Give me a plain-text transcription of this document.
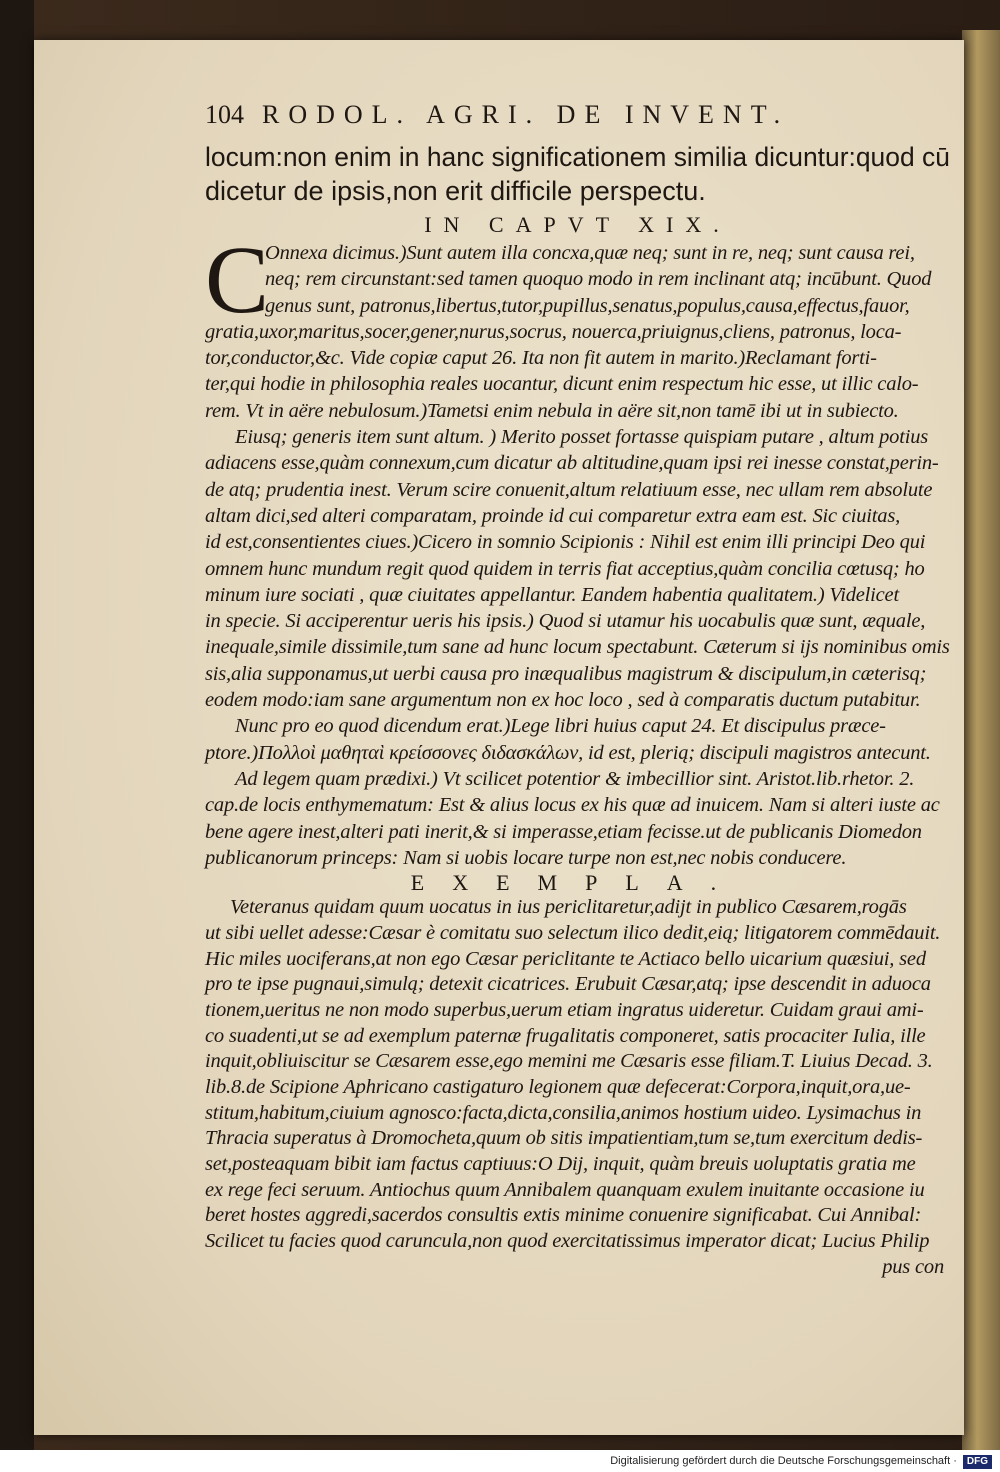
104 RODOL. AGRI. DE INVENT.
locum:non enim in hanc significationem similia dicuntur:quod cū
dicetur de ipsis,non erit difficile perspectu.
IN CAPVT XIX.
Onnexa dicimus.)Sunt autem illa concxa,quæ neq; sunt in re, neq; sunt causa rei,
neq; rem circunstant:sed tamen quoquo modo in rem inclinant atq; incūbunt. Quod
genus sunt, patronus,libertus,tutor,pupillus,senatus,populus,causa,effectus,fauor,
gratia,uxor,maritus,socer,gener,nurus,socrus, nouerca,priuignus,cliens, patronus, loca-
tor,conductor,&c. Vide copiæ caput 26. Ita non fit autem in marito.)Reclamant forti-
ter,qui hodie in philosophia reales uocantur, dicunt enim respectum hic esse, ut illic calo-
rem. Vt in aëre nebulosum.)Tametsi enim nebula in aëre sit,non tamē ibi ut in subiecto.
Eiusq; generis item sunt altum. ) Merito posset fortasse quispiam putare , altum potius
adiacens esse,quàm connexum,cum dicatur ab altitudine,quam ipsi rei inesse constat,perin-
de atq; prudentia inest. Verum scire conuenit,altum relatiuum esse, nec ullam rem absolute
altam dici,sed alteri comparatam, proinde id cui comparetur extra eam est. Sic ciuitas,
id est,consentientes ciues.)Cicero in somnio Scipionis : Nihil est enim illi principi Deo qui
omnem hunc mundum regit quod quidem in terris fiat acceptius,quàm concilia cœtusq; ho
minum iure sociati , quæ ciuitates appellantur. Eandem habentia qualitatem.) Videlicet
in specie. Si acciperentur ueris his ipsis.) Quod si utamur his uocabulis quæ sunt, æquale,
inequale,simile dissimile,tum sane ad hunc locum spectabunt. Cæterum si ijs nominibus omis
sis,alia supponamus,ut uerbi causa pro inæqualibus magistrum & discipulum,in cæterisq;
eodem modo:iam sane argumentum non ex hoc loco , sed à comparatis ductum putabitur.
Nunc pro eo quod dicendum erat.)Lege libri huius caput 24. Et discipulus præce-
ptore.)Πολλοὶ μαθηταὶ κρείσσονες διδασκάλων, id est, plerią; discipuli magistros antecunt.
Ad legem quam prædixi.) Vt scilicet potentior & imbecillior sint. Aristot.lib.rhetor. 2.
cap.de locis enthymematum: Est & alius locus ex his quæ ad inuicem. Nam si alteri iuste ac
bene agere inest,alteri pati inerit,& si imperasse,etiam fecisse.ut de publicanis Diomedon
publicanorum princeps: Nam si uobis locare turpe non est,nec nobis conducere.
EXEMPLA.
Veteranus quidam quum uocatus in ius periclitaretur,adijt in publico Cæsarem,rogās
ut sibi uellet adesse:Cæsar è comitatu suo selectum ilico dedit,eią; litigatorem commēdauit.
Hic miles uociferans,at non ego Cæsar periclitante te Actiaco bello uicarium quæsiui, sed
pro te ipse pugnaui,simulą; detexit cicatrices. Erubuit Cæsar,atq; ipse descendit in aduoca
tionem,ueritus ne non modo superbus,uerum etiam ingratus uideretur. Cuidam graui ami-
co suadenti,ut se ad exemplum paternæ frugalitatis componeret, satis procaciter Iulia, ille
inquit,obliuiscitur se Cæsarem esse,ego memini me Cæsaris esse filiam.T. Liuius Decad. 3.
lib.8.de Scipione Aphricano castigaturo legionem quæ defecerat:Corpora,inquit,ora,ue-
stitum,habitum,ciuium agnosco:facta,dicta,consilia,animos hostium uideo. Lysimachus in
Thracia superatus à Dromocheta,quum ob sitis impatientiam,tum se,tum exercitum dedis-
set,posteaquam bibit iam factus captiuus:O Dij, inquit, quàm breuis uoluptatis gratia me
ex rege feci seruum. Antiochus quum Annibalem quanquam exulem inuitante occasione iu
beret hostes aggredi,sacerdos consultis extis minime conuenire significabat. Cui Annibal:
Scilicet tu facies quod caruncula,non quod exercitatissimus imperator dicat; Lucius Philip
pus con
C
Digitalisierung gefördert durch die Deutsche Forschungsgemeinschaft · DFG
